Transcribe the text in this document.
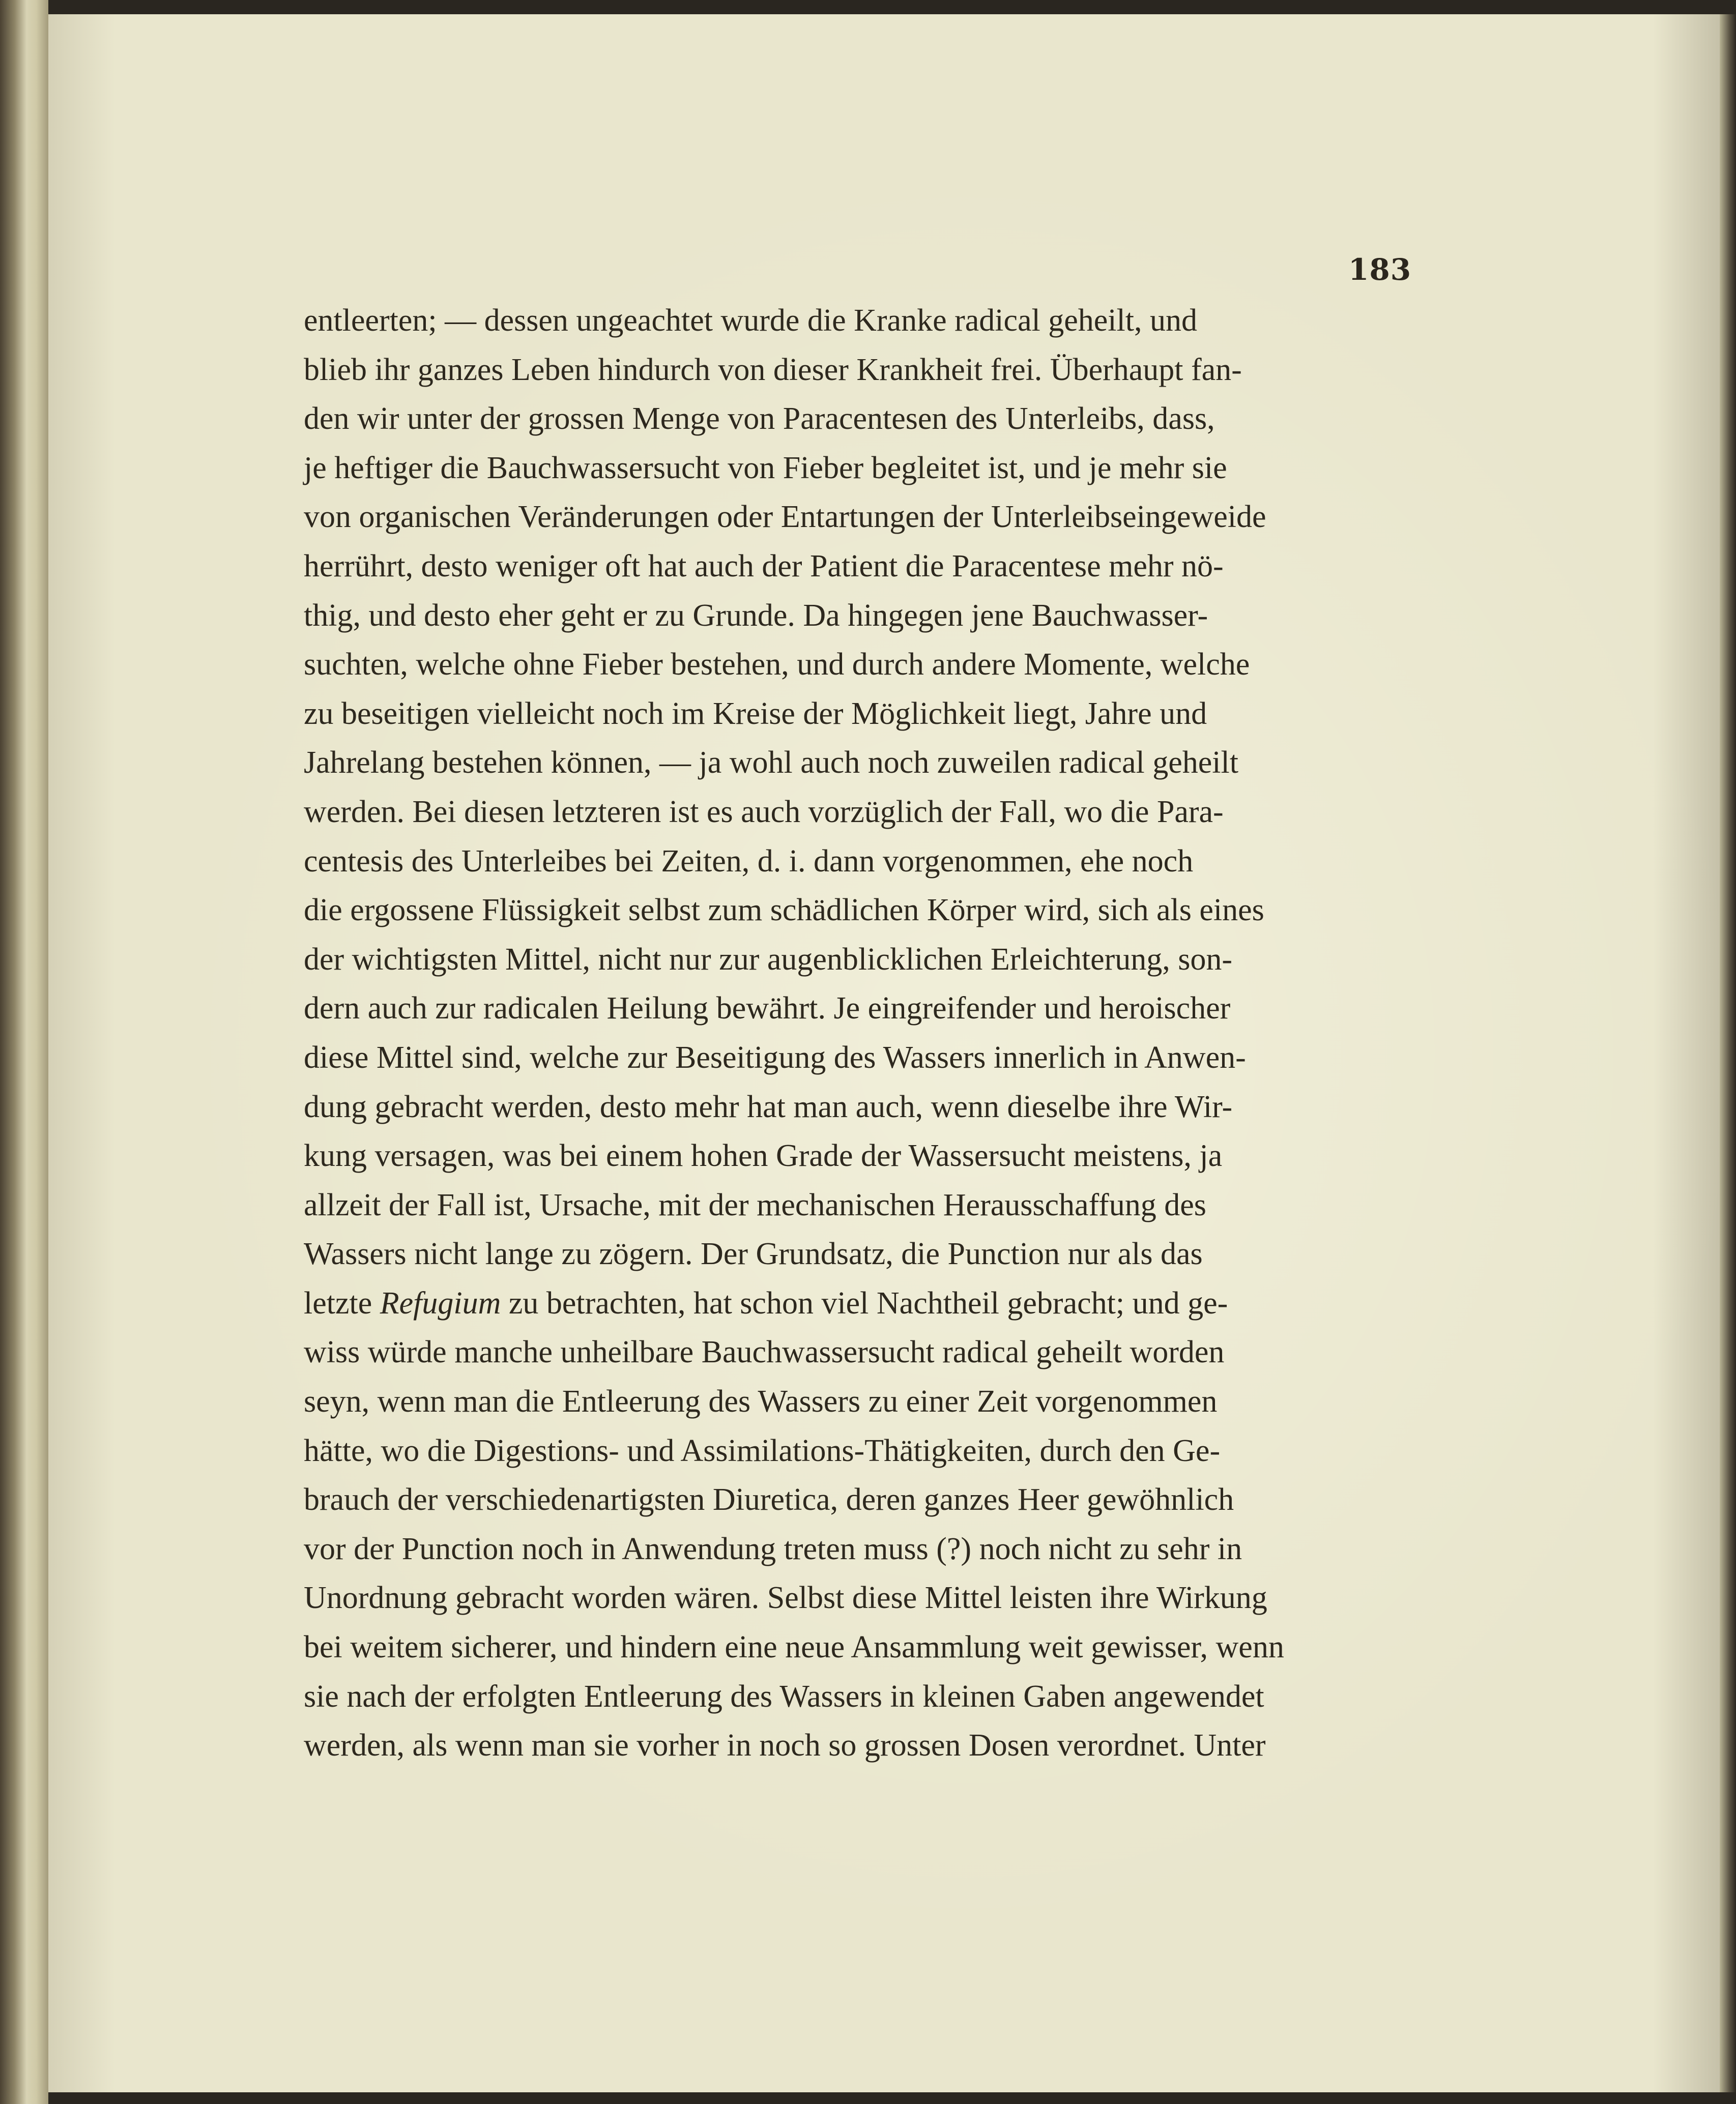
183
entleerten; — dessen ungeachtet wurde die Kranke radical geheilt, und
blieb ihr ganzes Leben hindurch von dieser Krankheit frei. Überhaupt fan-
den wir unter der grossen Menge von Paracentesen des Unterleibs, dass,
je heftiger die Bauchwassersucht von Fieber begleitet ist, und je mehr sie
von organischen Veränderungen oder Entartungen der Unterleibseingeweide
herrührt, desto weniger oft hat auch der Patient die Paracentese mehr nö-
thig, und desto eher geht er zu Grunde. Da hingegen jene Bauchwasser-
suchten, welche ohne Fieber bestehen, und durch andere Momente, welche
zu beseitigen vielleicht noch im Kreise der Möglichkeit liegt, Jahre und
Jahrelang bestehen können, — ja wohl auch noch zuweilen radical geheilt
werden. Bei diesen letzteren ist es auch vorzüglich der Fall, wo die Para-
centesis des Unterleibes bei Zeiten, d. i. dann vorgenommen, ehe noch
die ergossene Flüssigkeit selbst zum schädlichen Körper wird, sich als eines
der wichtigsten Mittel, nicht nur zur augenblicklichen Erleichterung, son-
dern auch zur radicalen Heilung bewährt. Je eingreifender und heroischer
diese Mittel sind, welche zur Beseitigung des Wassers innerlich in Anwen-
dung gebracht werden, desto mehr hat man auch, wenn dieselbe ihre Wir-
kung versagen, was bei einem hohen Grade der Wassersucht meistens, ja
allzeit der Fall ist, Ursache, mit der mechanischen Herausschaffung des
Wassers nicht lange zu zögern. Der Grundsatz, die Punction nur als das
letzte Refugium zu betrachten, hat schon viel Nachtheil gebracht; und ge-
wiss würde manche unheilbare Bauchwassersucht radical geheilt worden
seyn, wenn man die Entleerung des Wassers zu einer Zeit vorgenommen
hätte, wo die Digestions- und Assimilations-Thätigkeiten, durch den Ge-
brauch der verschiedenartigsten Diuretica, deren ganzes Heer gewöhnlich
vor der Punction noch in Anwendung treten muss (?) noch nicht zu sehr in
Unordnung gebracht worden wären. Selbst diese Mittel leisten ihre Wirkung
bei weitem sicherer, und hindern eine neue Ansammlung weit gewisser, wenn
sie nach der erfolgten Entleerung des Wassers in kleinen Gaben angewendet
werden, als wenn man sie vorher in noch so grossen Dosen verordnet. Unter
